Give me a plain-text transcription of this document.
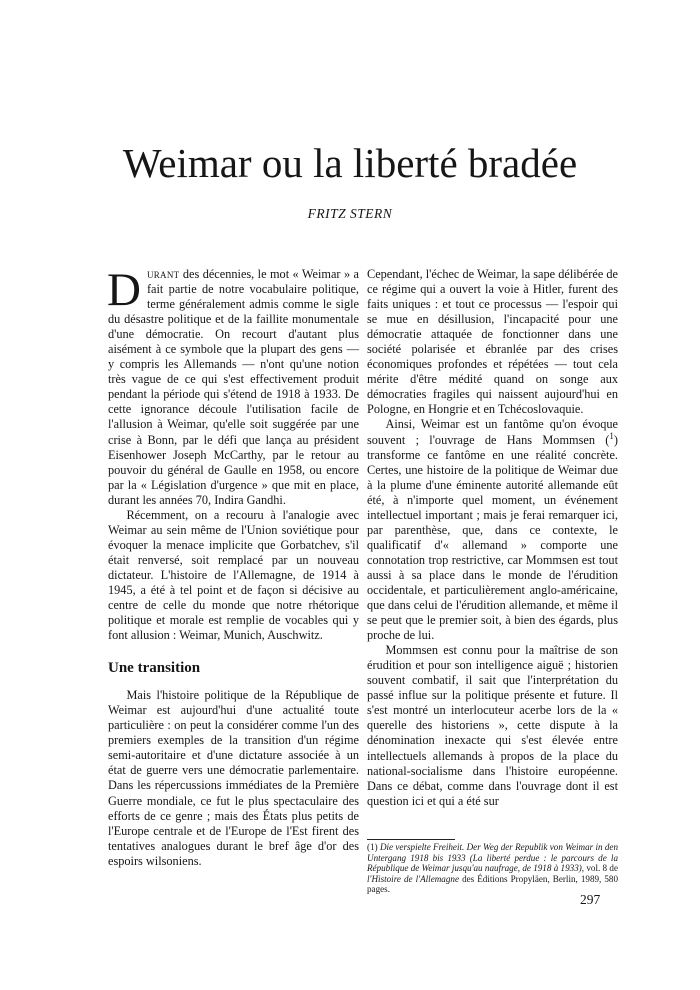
Weimar ou la liberté bradée
FRITZ STERN

Durant des décennies, le mot « Weimar » a fait partie de notre vocabulaire politique, terme généralement admis comme le sigle du désastre politique et de la faillite monumentale d'une démocratie. On recourt d'autant plus aisément à ce symbole que la plupart des gens — y compris les Allemands — n'ont qu'une notion très vague de ce qui s'est effectivement produit pendant la période qui s'étend de 1918 à 1933. De cette ignorance découle l'utilisation facile de l'allusion à Weimar, qu'elle soit suggérée par une crise à Bonn, par le défi que lança au président Eisenhower Joseph McCarthy, par le retour au pouvoir du général de Gaulle en 1958, ou encore par la « Législation d'urgence » que mit en place, durant les années 70, Indira Gandhi.

Récemment, on a recouru à l'analogie avec Weimar au sein même de l'Union soviétique pour évoquer la menace implicite que Gorbatchev, s'il était renversé, soit remplacé par un nouveau dictateur. L'histoire de l'Allemagne, de 1914 à 1945, a été à tel point et de façon si décisive au centre de celle du monde que notre rhétorique politique et morale est remplie de vocables qui y font allusion : Weimar, Munich, Auschwitz.

Une transition

Mais l'histoire politique de la République de Weimar est aujourd'hui d'une actualité toute particulière : on peut la considérer comme l'un des premiers exemples de la transition d'un régime semi-autoritaire et d'une dictature associée à un état de guerre vers une démocratie parlementaire. Dans les répercussions immédiates de la Première Guerre mondiale, ce fut le plus spectaculaire des efforts de ce genre ; mais des États plus petits de l'Europe centrale et de l'Europe de l'Est firent des tentatives analogues durant le bref âge d'or des espoirs wilsoniens.

Cependant, l'échec de Weimar, la sape délibérée de ce régime qui a ouvert la voie à Hitler, furent des faits uniques : et tout ce processus — l'espoir qui se mue en désillusion, l'incapacité pour une démocratie attaquée de fonctionner dans une société polarisée et ébranlée par des crises économiques profondes et répétées — tout cela mérite d'être médité quand on songe aux démocraties fragiles qui naissent aujourd'hui en Pologne, en Hongrie et en Tchécoslovaquie.

Ainsi, Weimar est un fantôme qu'on évoque souvent ; l'ouvrage de Hans Mommsen ($^1$) transforme ce fantôme en une réalité concrète. Certes, une histoire de la politique de Weimar due à la plume d'une éminente autorité allemande eût été, à n'importe quel moment, un événement intellectuel important ; mais je ferai remarquer ici, par parenthèse, que, dans ce contexte, le qualificatif d'« allemand » comporte une connotation trop restrictive, car Mommsen est tout aussi à sa place dans le monde de l'érudition occidentale, et particulièrement anglo-américaine, que dans celui de l'érudition allemande, et même il se peut que le premier soit, à bien des égards, plus proche de lui.

Mommsen est connu pour la maîtrise de son érudition et pour son intelligence aiguë ; historien souvent combatif, il sait que l'interprétation du passé influe sur la politique présente et future. Il s'est montré un interlocuteur acerbe lors de la « querelle des historiens », cette dispute à la dénomination inexacte qui s'est élevée entre intellectuels allemands à propos de la place du national-socialisme dans l'histoire européenne. Dans ce débat, comme dans l'ouvrage dont il est question ici et qui a été sur

(1) Die verspielte Freiheit. Der Weg der Republik von Weimar in den Untergang 1918 bis 1933 (La liberté perdue : le parcours de la République de Weimar jusqu'au naufrage, de 1918 à 1933), vol. 8 de l'Histoire de l'Allemagne des Éditions Propyläen, Berlin, 1989, 580 pages.
297
